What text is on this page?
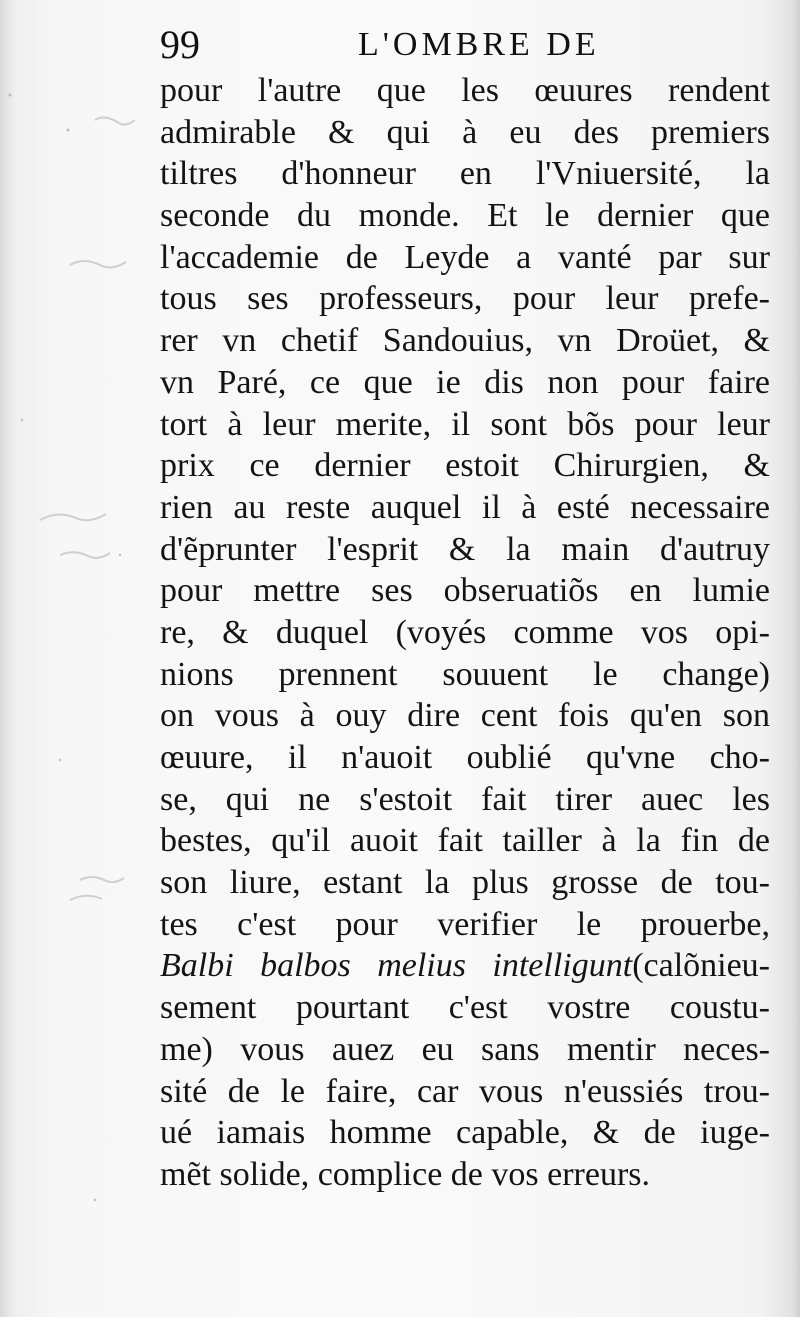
99	L'OMBRE DE
pour l'autre que les œuures rendent
admirable & qui à eu des premiers
tiltres d'honneur en l'Vniuersité, la
seconde du monde. Et le dernier que
l'accademie de Leyde a vanté par sur
tous ses professeurs, pour leur prefe-
rer vn chetif Sandouius, vn Droüet, &
vn Paré, ce que ie dis non pour faire
tort à leur merite, il sont bõs pour leur
prix ce dernier estoit Chirurgien, &
rien au reste auquel il à esté necessaire
d'ẽprunter l'esprit & la main d'autruy
pour mettre ses obseruatiõs en lumie
re, & duquel (voyés comme vos opi-
nions prennent souuent le change)
on vous à ouy dire cent fois qu'en son
œuure, il n'auoit oublié qu'vne cho-
se, qui ne s'estoit fait tirer auec les
bestes, qu'il auoit fait tailler à la fin de
son liure, estant la plus grosse de tou-
tes c'est pour verifier le prouerbe,
Balbi balbos melius intelligunt(calõnieu-
sement pourtant c'est vostre coustu-
me) vous auez eu sans mentir neces-
sité de le faire, car vous n'eussiés trou-
ué iamais homme capable, & de iuge-
mẽt solide, complice de vos erreurs.
